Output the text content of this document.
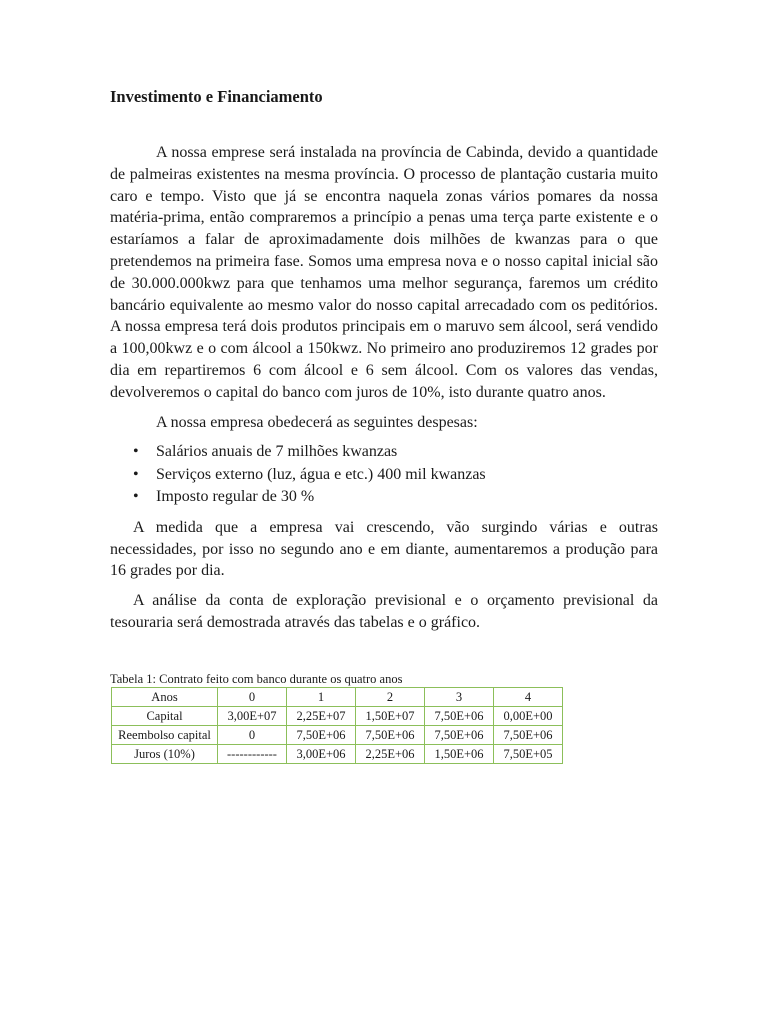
Investimento e Financiamento

A nossa emprese será instalada na província de Cabinda, devido a quantidade de palmeiras existentes na mesma província. O processo de plantação custaria muito caro e tempo. Visto que já se encontra naquela zonas vários pomares da nossa matéria-prima, então compraremos a princípio a penas uma terça parte existente e o estaríamos a falar de aproximadamente dois milhões de kwanzas para o que pretendemos na primeira fase. Somos uma empresa nova e o nosso capital inicial são de 30.000.000kwz para que tenhamos uma melhor segurança, faremos um crédito bancário equivalente ao mesmo valor do nosso capital arrecadado com os peditórios. A nossa empresa terá dois produtos principais em o maruvo sem álcool, será vendido a 100,00kwz e o com álcool a 150kwz. No primeiro ano produziremos 12 grades por dia em repartiremos 6 com álcool e 6 sem álcool. Com os valores das vendas, devolveremos o capital do banco com juros de 10%, isto durante quatro anos.

A nossa empresa obedecerá as seguintes despesas:

• Salários anuais de 7 milhões kwanzas
• Serviços externo (luz, água e etc.) 400 mil kwanzas
• Imposto regular de 30 %

A medida que a empresa vai crescendo, vão surgindo várias e outras necessidades, por isso no segundo ano e em diante, aumentaremos a produção para 16 grades por dia.

A análise da conta de exploração previsional e o orçamento previsional da tesouraria será demostrada através das tabelas e o gráfico.

Tabela 1: Contrato feito com banco durante os quatro anos
Anos	0	1	2	3	4
Capital	3,00E+07	2,25E+07	1,50E+07	7,50E+06	0,00E+00
Reembolso capital	0	7,50E+06	7,50E+06	7,50E+06	7,50E+06
Juros (10%)	------------	3,00E+06	2,25E+06	1,50E+06	7,50E+05
